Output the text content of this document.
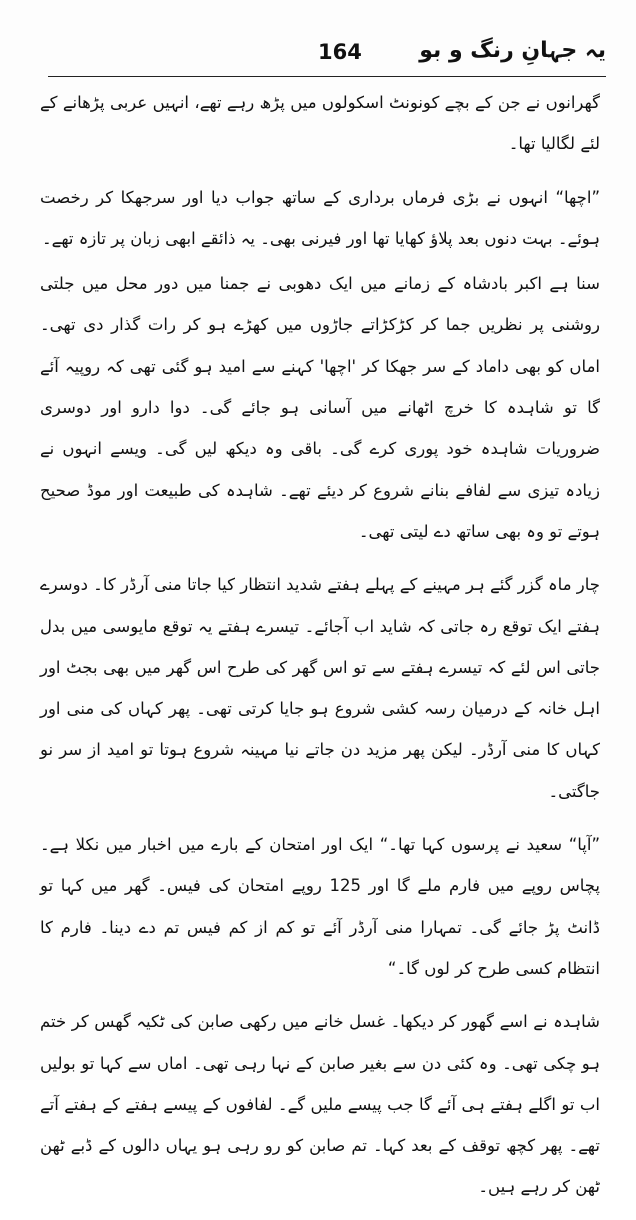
164	یہ جہانِ رنگ و بو

گھرانوں نے جن کے بچے کونونٹ اسکولوں میں پڑھ رہے تھے، انہیں عربی پڑھانے کے لئے لگالیا تھا۔

”اچھا“ انہوں نے بڑی فرماں برداری کے ساتھ جواب دیا اور سرجھکا کر رخصت ہوئے۔ بہت دنوں بعد پلاؤ کھایا تھا اور فیرنی بھی۔ یہ ذائقے ابھی زبان پر تازہ تھے۔

سنا ہے اکبر بادشاہ کے زمانے میں ایک دھوبی نے جمنا میں دور محل میں جلتی روشنی پر نظریں جما کر کڑکڑاتے جاڑوں میں کھڑے ہو کر رات گذار دی تھی۔ اماں کو بھی داماد کے سر جھکا کر 'اچھا' کہنے سے امید ہو گئی تھی کہ روپیہ آئے گا تو شاہدہ کا خرچ اٹھانے میں آسانی ہو جائے گی۔ دوا دارو اور دوسری ضروریات شاہدہ خود پوری کرے گی۔ باقی وہ دیکھ لیں گی۔ ویسے انہوں نے زیادہ تیزی سے لفافے بنانے شروع کر دیئے تھے۔ شاہدہ کی طبیعت اور موڈ صحیح ہوتے تو وہ بھی ساتھ دے لیتی تھی۔

چار ماہ گزر گئے ہر مہینے کے پہلے ہفتے شدید انتظار کیا جاتا منی آرڈر کا۔ دوسرے ہفتے ایک توقع رہ جاتی کہ شاید اب آجائے۔ تیسرے ہفتے یہ توقع مایوسی میں بدل جاتی اس لئے کہ تیسرے ہفتے سے تو اس گھر کی طرح اس گھر میں بھی بجٹ اور اہل خانہ کے درمیان رسہ کشی شروع ہو جایا کرتی تھی۔ پھر کہاں کی منی اور کہاں کا منی آرڈر۔ لیکن پھر مزید دن جاتے نیا مہینہ شروع ہوتا تو امید از سر نو جاگتی۔

”آپا“ سعید نے پرسوں کہا تھا۔“ ایک اور امتحان کے بارے میں اخبار میں نکلا ہے۔ پچاس روپے میں فارم ملے گا اور 125 روپے امتحان کی فیس۔ گھر میں کہا تو ڈانٹ پڑ جائے گی۔ تمہارا منی آرڈر آئے تو کم از کم فیس تم دے دینا۔ فارم کا انتظام کسی طرح کر لوں گا۔“

شاہدہ نے اسے گھور کر دیکھا۔ غسل خانے میں رکھی صابن کی ٹکیہ گھس کر ختم ہو چکی تھی۔ وہ کئی دن سے بغیر صابن کے نہا رہی تھی۔ اماں سے کہا تو بولیں اب تو اگلے ہفتے ہی آئے گا جب پیسے ملیں گے۔ لفافوں کے پیسے ہفتے کے ہفتے آتے تھے۔ پھر کچھ توقف کے بعد کہا۔ تم صابن کو رو رہی ہو یہاں دالوں کے ڈبے ٹھن ٹھن کر رہے ہیں۔
